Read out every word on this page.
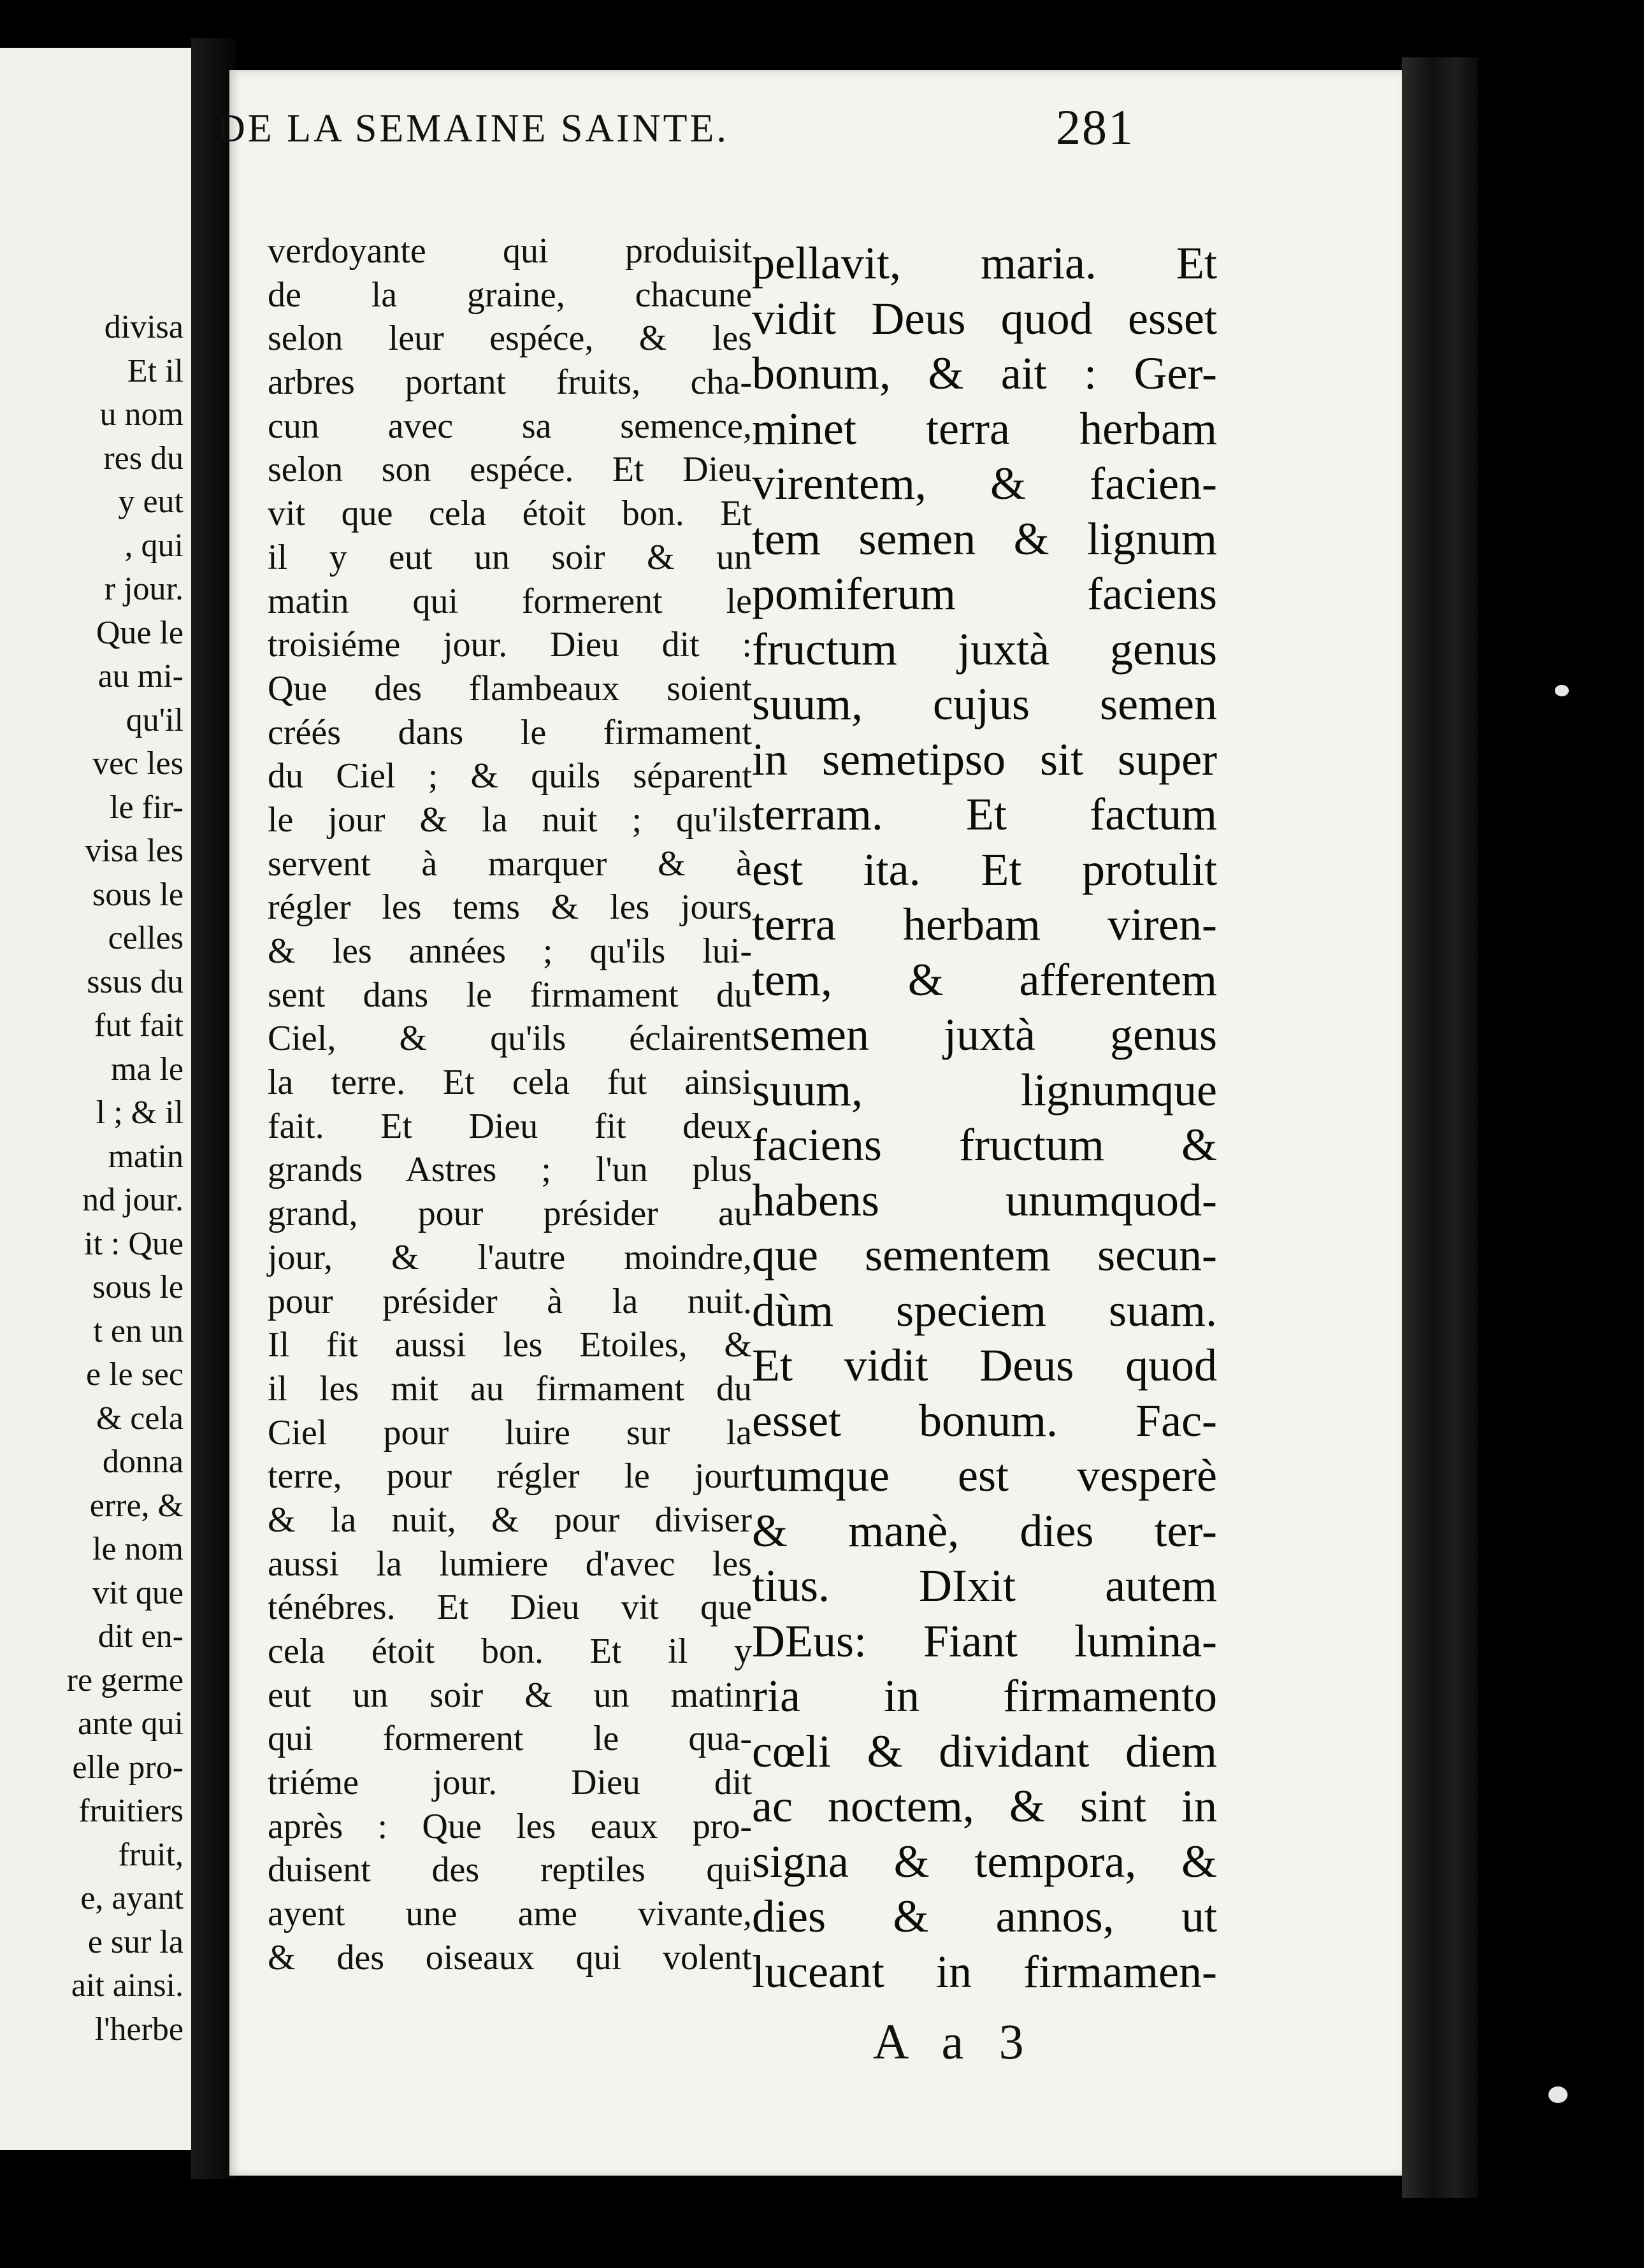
divisa
Et il
u nom
res du
y eut
, qui
r jour.
Que le
au mi-
qu'il
vec les
le fir-
visa les
sous le
celles
ssus du
fut fait
ma le
l ; & il
matin
nd jour.
it : Que
sous le
t en un
e le sec
& cela
donna
erre, &
le nom
vit que
dit en-
re germe
ante qui
elle pro-
fruitiers
fruit,
e, ayant
e sur la
ait ainsi.
l'herbe
DE LA SEMAINE SAINTE.	281
verdoyante qui produisit
de la graine, chacune
selon leur espéce, & les
arbres portant fruits, cha-
cun avec sa semence,
selon son espéce. Et Dieu
vit que cela étoit bon. Et
il y eut un soir & un
matin qui formerent le
troisiéme jour. Dieu dit :
Que des flambeaux soient
créés dans le firmament
du Ciel ; & quils séparent
le jour & la nuit ; qu'ils
servent à marquer & à
régler les tems & les jours
& les années ; qu'ils lui-
sent dans le firmament du
Ciel, & qu'ils éclairent
la terre. Et cela fut ainsi
fait. Et Dieu fit deux
grands Astres ; l'un plus
grand, pour présider au
jour, & l'autre moindre,
pour présider à la nuit.
Il fit aussi les Etoiles, &
il les mit au firmament du
Ciel pour luire sur la
terre, pour régler le jour
& la nuit, & pour diviser
aussi la lumiere d'avec les
ténébres. Et Dieu vit que
cela étoit bon. Et il y
eut un soir & un matin
qui formerent le qua-
triéme jour. Dieu dit
après : Que les eaux pro-
duisent des reptiles qui
ayent une ame vivante,
& des oiseaux qui volent
pellavit, maria. Et
vidit Deus quod esset
bonum, & ait : Ger-
minet terra herbam
virentem, & facien-
tem semen & lignum
pomiferum faciens
fructum juxtà genus
suum, cujus semen
in semetipso sit super
terram. Et factum
est ita. Et protulit
terra herbam viren-
tem, & afferentem
semen juxtà genus
suum, lignumque
faciens fructum &
habens unumquod-
que sementem secun-
dùm speciem suam.
Et vidit Deus quod
esset bonum. Fac-
tumque est vesperè
& manè, dies ter-
tius. DIxit autem
DEus: Fiant lumina-
ria in firmamento
cœli & dividant diem
ac noctem, & sint in
signa & tempora, &
dies & annos, ut
luceant in firmamen-
A a 3
